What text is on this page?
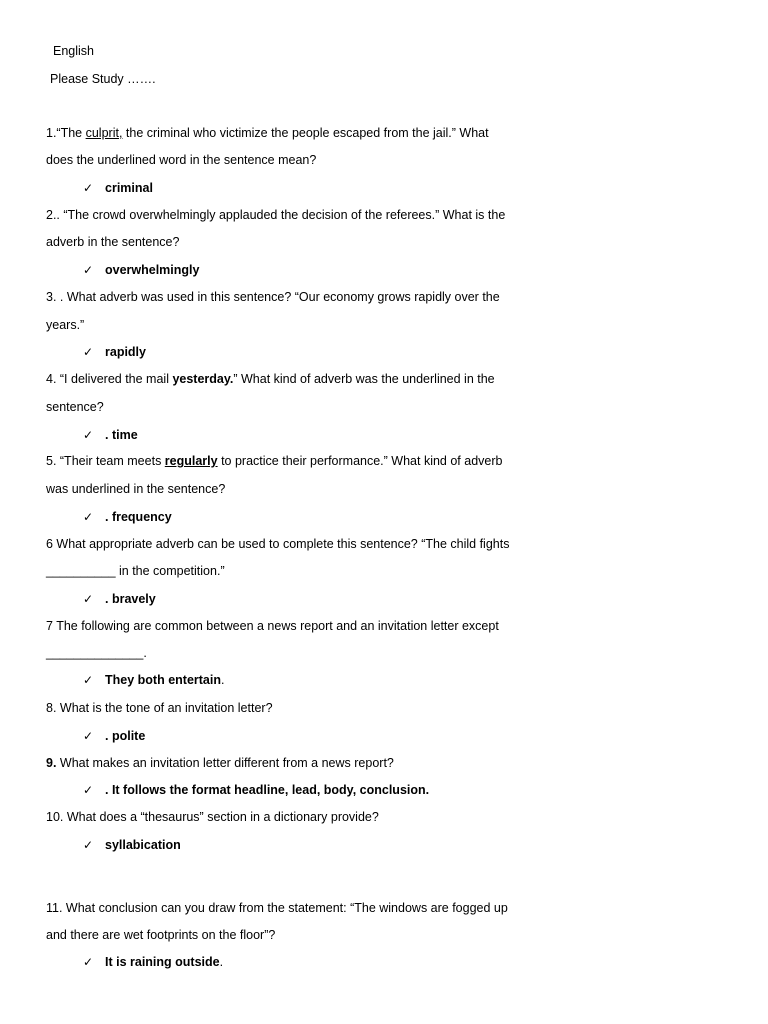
English
Please Study …….
1.“The culprit, the criminal who victimize the people escaped from the jail.” What
does the underlined word in the sentence mean?
✓ criminal
2.. “The crowd overwhelmingly applauded the decision of the referees.” What is the
adverb in the sentence?
✓ overwhelmingly
3. . What adverb was used in this sentence? “Our economy grows rapidly over the
years.”
✓ rapidly
4. “I delivered the mail yesterday.” What kind of adverb was the underlined in the
sentence?
✓ . time
5. “Their team meets regularly to practice their performance.” What kind of adverb
was underlined in the sentence?
✓ . frequency
6 What appropriate adverb can be used to complete this sentence? “The child fights
__________ in the competition.”
✓ . bravely
7 The following are common between a news report and an invitation letter except
______________.
✓ They both entertain.
8. What is the tone of an invitation letter?
✓ . polite
9. What makes an invitation letter different from a news report?
✓ . It follows the format headline, lead, body, conclusion.
10. What does a “thesaurus” section in a dictionary provide?
✓ syllabication
11. What conclusion can you draw from the statement: “The windows are fogged up
and there are wet footprints on the floor”?
✓ It is raining outside.
